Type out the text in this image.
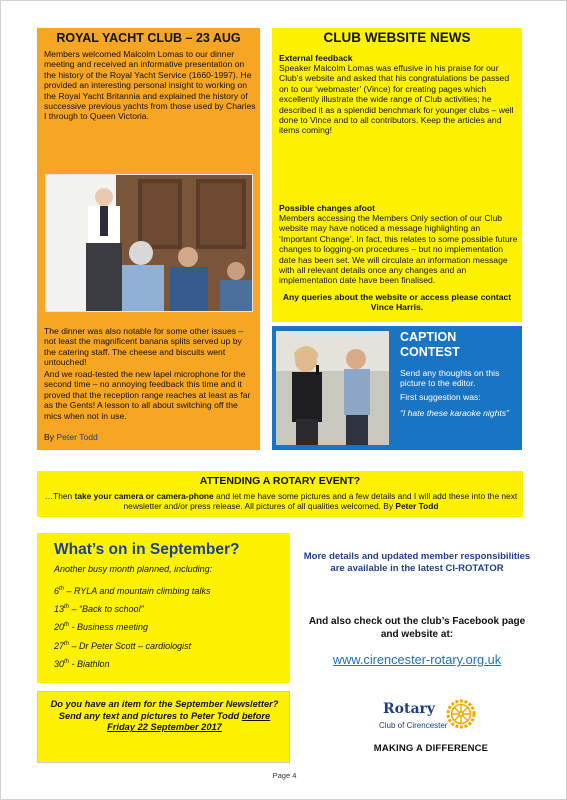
ROYAL YACHT CLUB – 23 AUG
Members welcomed Malcolm Lomas to our dinner meeting and received an informative presentation on the history of the Royal Yacht Service (1660-1997). He provided an interesting personal insight to working on the Royal Yacht Britannia and explained the history of successive previous yachts from those used by Charles I through to Queen Victoria.
The dinner was also notable for some other issues – not least the magnificent banana splits served up by the catering staff. The cheese and biscuits went untouched!
And we road-tested the new lapel microphone for the second time – no annoying feedback this time and it proved that the reception range reaches at least as far as the Gents! A lesson to all about switching off the mics when not in use.
By Peter Todd
CLUB WEBSITE NEWS
External feedback
Speaker Malcolm Lomas was effusive in his praise for our Club’s website and asked that his congratulations be passed on to our ‘webmaster’ (Vince) for creating pages which excellently illustrate the wide range of Club activities; he described it as a splendid benchmark for younger clubs – well done to Vince and to all contributors. Keep the articles and items coming!
Possible changes afoot
Members accessing the Members Only section of our Club website may have noticed a message highlighting an ‘Important Change’. In fact, this relates to some possible future changes to logging-on procedures – but no implementation date has been set. We will circulate an information message with all relevant details once any changes and an implementation date have been finalised.
Any queries about the website or access please contact Vince Harris.
CAPTION
CONTEST
Send any thoughts on this picture to the editor.
First suggestion was:
“I hate these karaoke nights”
ATTENDING A ROTARY EVENT?
…Then take your camera or camera-phone and let me have some pictures and a few details and I will add these into the next newsletter and/or press release. All pictures of all qualities welcomed. By Peter Todd
What’s on in September?
Another busy month planned, including:
6th – RYLA and mountain climbing talks
13th – “Back to school”
20th - Business meeting
27th – Dr Peter Scott – cardiologist
30th - Biathlon
Do you have an item for the September Newsletter? Send any text and pictures to Peter Todd before Friday 22 September 2017
More details and updated member responsibilities are available in the latest CI-ROTATOR
And also check out the club’s Facebook page and website at:
www.cirencester-rotary.org.uk
Rotary
Club of Cirencester
MAKING A DIFFERENCE
Page 4
